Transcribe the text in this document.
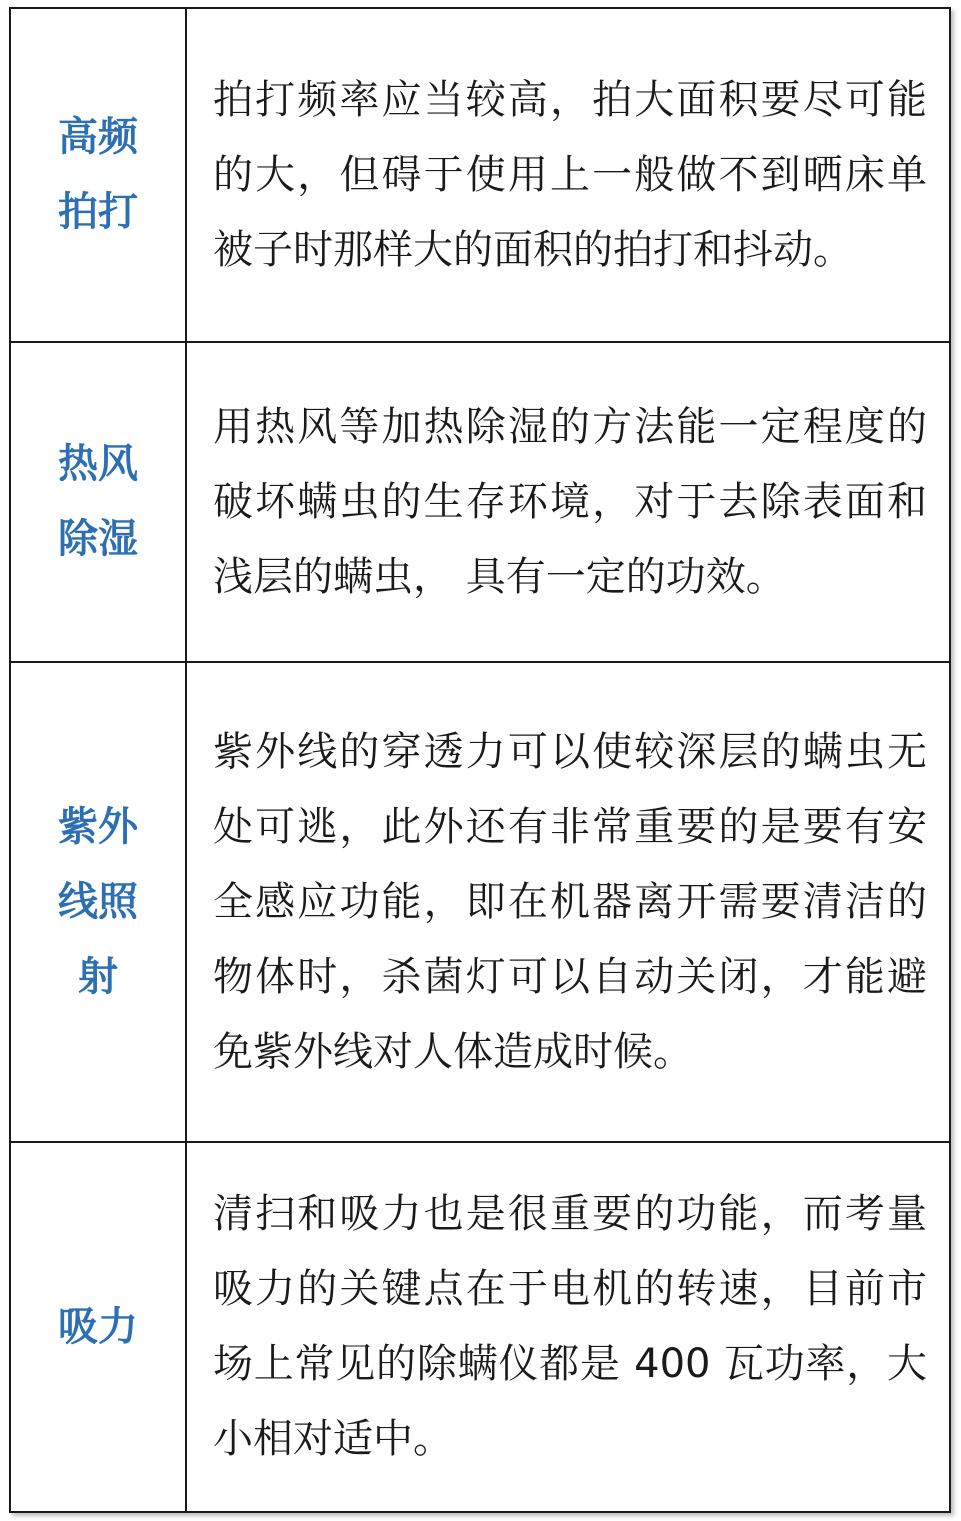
高频拍打	拍打频率应当较高，拍大面积要尽可能的大，但碍于使用上一般做不到晒床单被子时那样大的面积的拍打和抖动。

热风除湿	用热风等加热除湿的方法能一定程度的破坏螨虫的生存环境，对于去除表面和浅层的螨虫， 具有一定的功效。

紫外线照射	紫外线的穿透力可以使较深层的螨虫无处可逃，此外还有非常重要的是要有安全感应功能，即在机器离开需要清洁的物体时，杀菌灯可以自动关闭，才能避免紫外线对人体造成时候。

吸力	清扫和吸力也是很重要的功能，而考量吸力的关键点在于电机的转速，目前市场上常见的除螨仪都是 400 瓦功率，大小相对适中。
